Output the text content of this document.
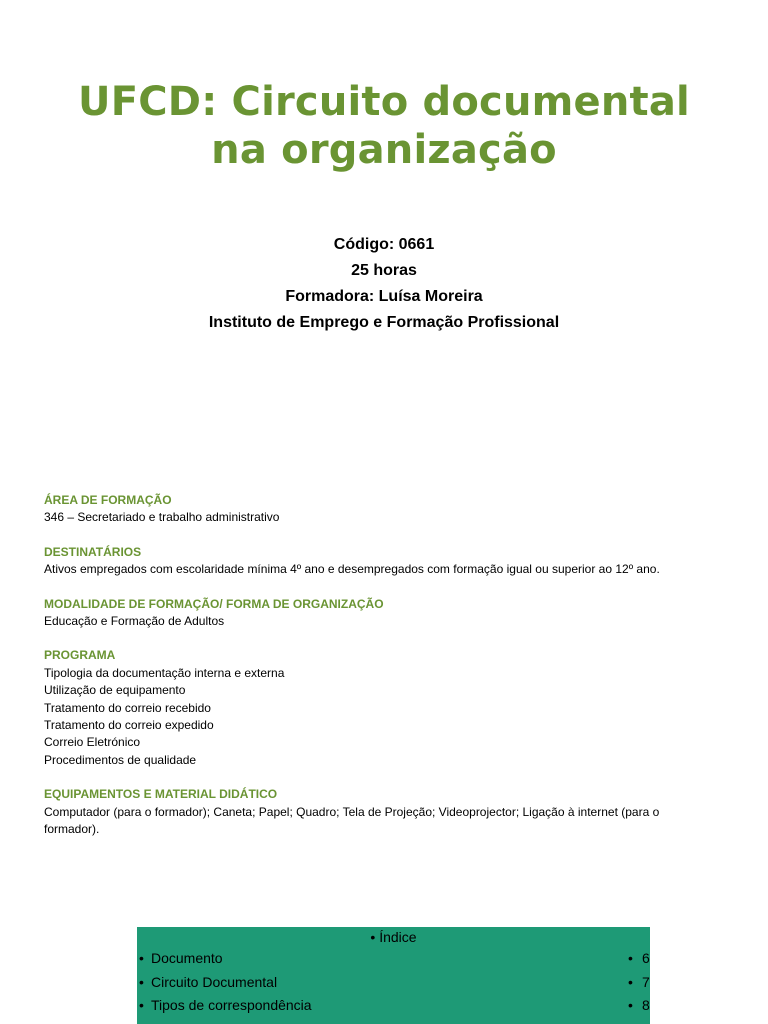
UFCD: Circuito documental
na organização
Código: 0661
25 horas
Formadora: Luísa Moreira
Instituto de Emprego e Formação Profissional
ÁREA DE FORMAÇÃO
346 – Secretariado e trabalho administrativo
DESTINATÁRIOS
Ativos empregados com escolaridade mínima 4º ano e desempregados com formação igual ou superior ao 12º ano.
MODALIDADE DE FORMAÇÃO/ FORMA DE ORGANIZAÇÃO
Educação e Formação de Adultos
PROGRAMA
Tipologia da documentação interna e externa
Utilização de equipamento
Tratamento do correio recebido
Tratamento do correio expedido
Correio Eletrónico
Procedimentos de qualidade
EQUIPAMENTOS E MATERIAL DIDÁTICO
Computador (para o formador); Caneta; Papel; Quadro; Tela de Projeção; Videoprojector; Ligação à internet (para o
formador).
• Índice
• Documento	• 6
• Circuito Documental	• 7
• Tipos de correspondência	• 8
